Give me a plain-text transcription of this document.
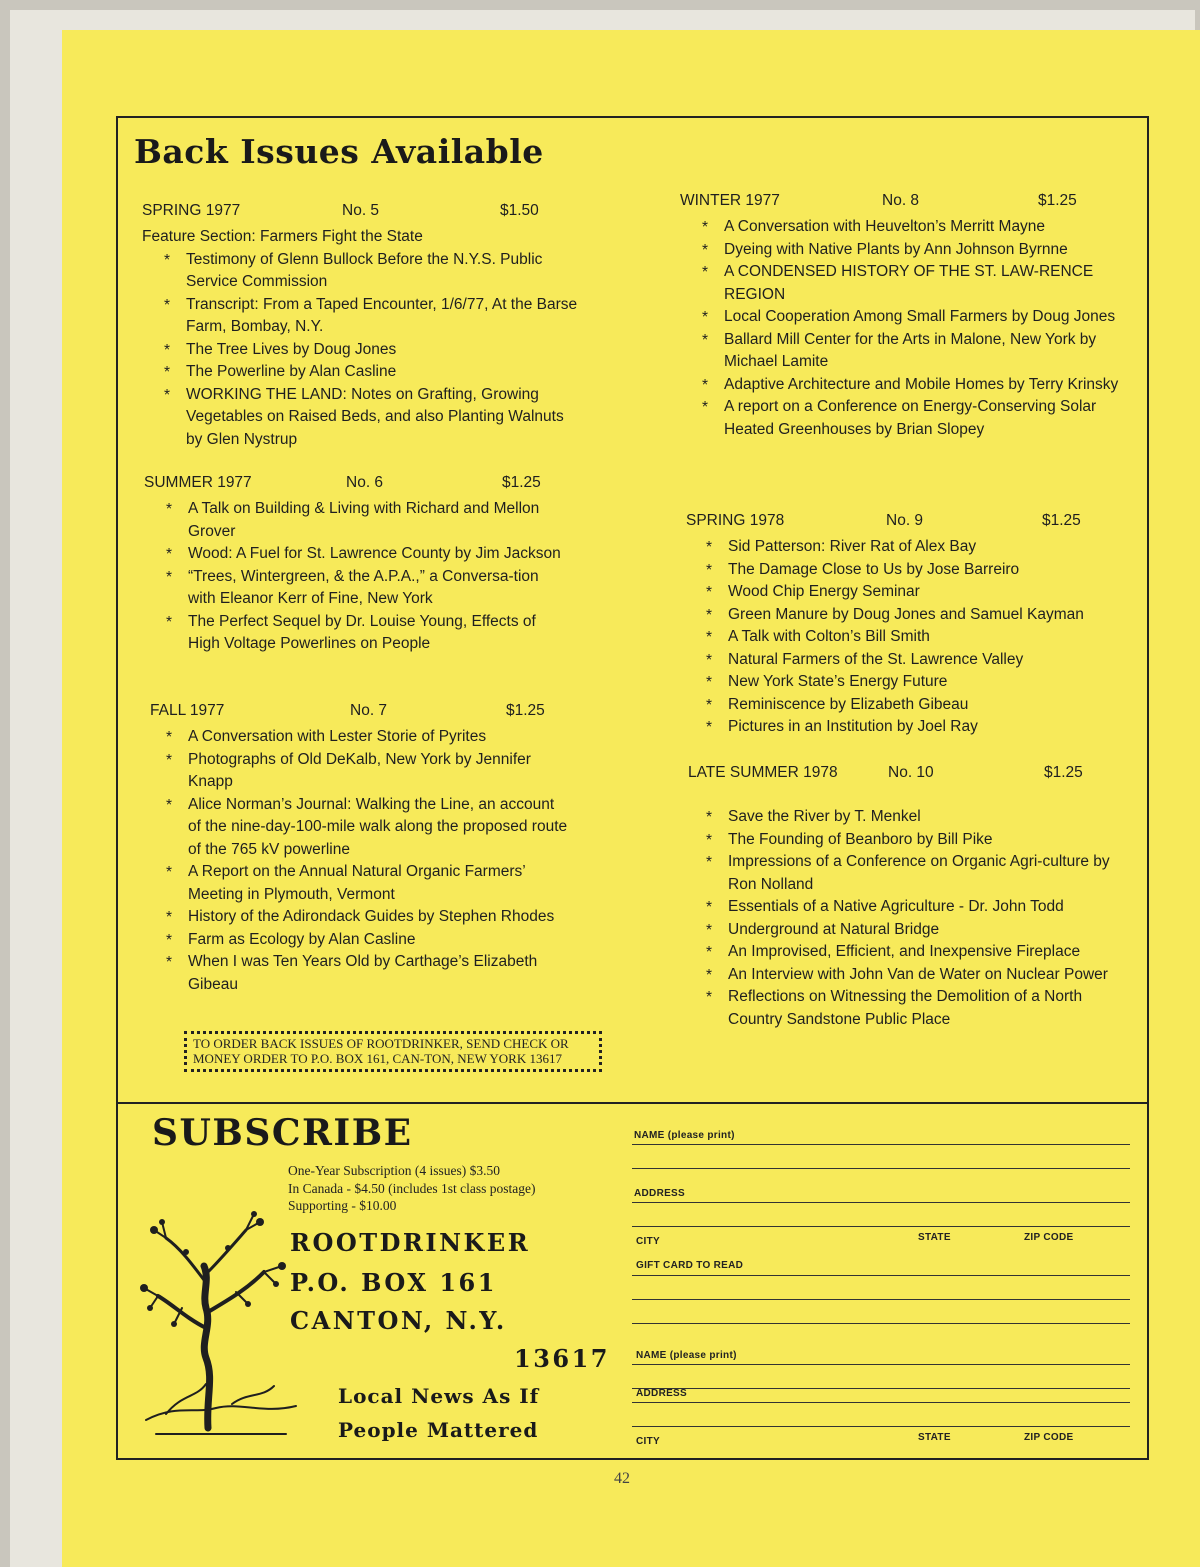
Back Issues Available
SPRING 1977	No. 5	$1.50

Feature Section: Farmers Fight the State

* Testimony of Glenn Bullock Before the N.Y.S. Public Service Commission
* Transcript: From a Taped Encounter, 1/6/77, At the Barse Farm, Bombay, N.Y.
* The Tree Lives by Doug Jones
* The Powerline by Alan Casline
* WORKING THE LAND: Notes on Grafting, Growing Vegetables on Raised Beds, and also Planting Walnuts by Glen Nystrup
SUMMER 1977	No. 6	$1.25
* A Talk on Building & Living with Richard and Mellon Grover
* Wood: A Fuel for St. Lawrence County by Jim Jackson
* “Trees, Wintergreen, & the A.P.A.,” a Conversa-tion with Eleanor Kerr of Fine, New York
* The Perfect Sequel by Dr. Louise Young, Effects of High Voltage Powerlines on People
FALL 1977	No. 7	$1.25
* A Conversation with Lester Storie of Pyrites
* Photographs of Old DeKalb, New York by Jennifer Knapp
* Alice Norman’s Journal: Walking the Line, an account of the nine-day-100-mile walk along the proposed route of the 765 kV powerline
* A Report on the Annual Natural Organic Farmers’ Meeting in Plymouth, Vermont
* History of the Adirondack Guides by Stephen Rhodes
* Farm as Ecology by Alan Casline
* When I was Ten Years Old by Carthage’s Elizabeth Gibeau
TO ORDER BACK ISSUES OF ROOTDRINKER, SEND CHECK OR MONEY ORDER TO P.O. BOX 161, CAN-TON, NEW YORK 13617
WINTER 1977	No. 8	$1.25
* A Conversation with Heuvelton’s Merritt Mayne
* Dyeing with Native Plants by Ann Johnson Byrnne
* A CONDENSED HISTORY OF THE ST. LAW-RENCE REGION
* Local Cooperation Among Small Farmers by Doug Jones
* Ballard Mill Center for the Arts in Malone, New York by Michael Lamite
* Adaptive Architecture and Mobile Homes by Terry Krinsky
* A report on a Conference on Energy-Conserving Solar Heated Greenhouses by Brian Slopey
SPRING 1978	No. 9	$1.25
* Sid Patterson: River Rat of Alex Bay
* The Damage Close to Us by Jose Barreiro
* Wood Chip Energy Seminar
* Green Manure by Doug Jones and Samuel Kayman
* A Talk with Colton’s Bill Smith
* Natural Farmers of the St. Lawrence Valley
* New York State’s Energy Future
* Reminiscence by Elizabeth Gibeau
* Pictures in an Institution by Joel Ray
LATE SUMMER 1978	No. 10	$1.25
* Save the River by T. Menkel
* The Founding of Beanboro by Bill Pike
* Impressions of a Conference on Organic Agri-culture by Ron Nolland
* Essentials of a Native Agriculture - Dr. John Todd
* Underground at Natural Bridge
* An Improvised, Efficient, and Inexpensive Fireplace
* An Interview with John Van de Water on Nuclear Power
* Reflections on Witnessing the Demolition of a North Country Sandstone Public Place
SUBSCRIBE
One-Year Subscription (4 issues) $3.50
In Canada - $4.50 (includes 1st class postage)
Supporting - $10.00
ROOTDRINKER
P.O. BOX 161
CANTON, N.Y.
13617
Local News As If
People Mattered
NAME (please print)
ADDRESS
CITY	STATE	ZIP CODE
GIFT CARD TO READ
NAME (please print)
ADDRESS
CITY	STATE	ZIP CODE
42
